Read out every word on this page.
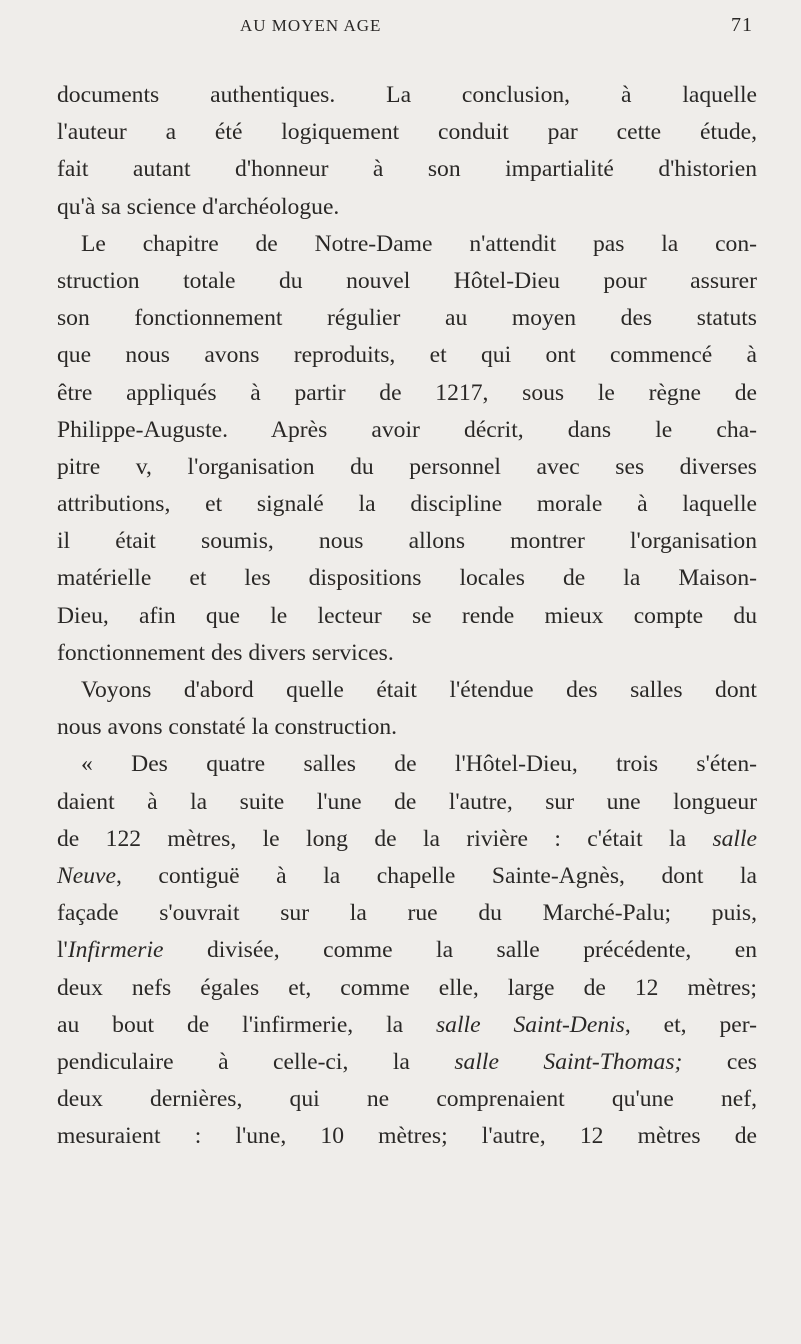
AU MOYEN AGE	71
documents authentiques. La conclusion, à laquelle
l'auteur a été logiquement conduit par cette étude,
fait autant d'honneur à son impartialité d'historien
qu'à sa science d'archéologue.
Le chapitre de Notre-Dame n'attendit pas la con-
struction totale du nouvel Hôtel-Dieu pour assurer
son fonctionnement régulier au moyen des statuts
que nous avons reproduits, et qui ont commencé à
être appliqués à partir de 1217, sous le règne de
Philippe-Auguste. Après avoir décrit, dans le cha-
pitre v, l'organisation du personnel avec ses diverses
attributions, et signalé la discipline morale à laquelle
il était soumis, nous allons montrer l'organisation
matérielle et les dispositions locales de la Maison-
Dieu, afin que le lecteur se rende mieux compte du
fonctionnement des divers services.
Voyons d'abord quelle était l'étendue des salles dont
nous avons constaté la construction.
« Des quatre salles de l'Hôtel-Dieu, trois s'éten-
daient à la suite l'une de l'autre, sur une longueur
de 122 mètres, le long de la rivière : c'était la salle
Neuve, contiguë à la chapelle Sainte-Agnès, dont la
façade s'ouvrait sur la rue du Marché-Palu; puis,
l'Infirmerie divisée, comme la salle précédente, en
deux nefs égales et, comme elle, large de 12 mètres;
au bout de l'infirmerie, la salle Saint-Denis, et, per-
pendiculaire à celle-ci, la salle Saint-Thomas; ces
deux dernières, qui ne comprenaient qu'une nef,
mesuraient : l'une, 10 mètres; l'autre, 12 mètres de
